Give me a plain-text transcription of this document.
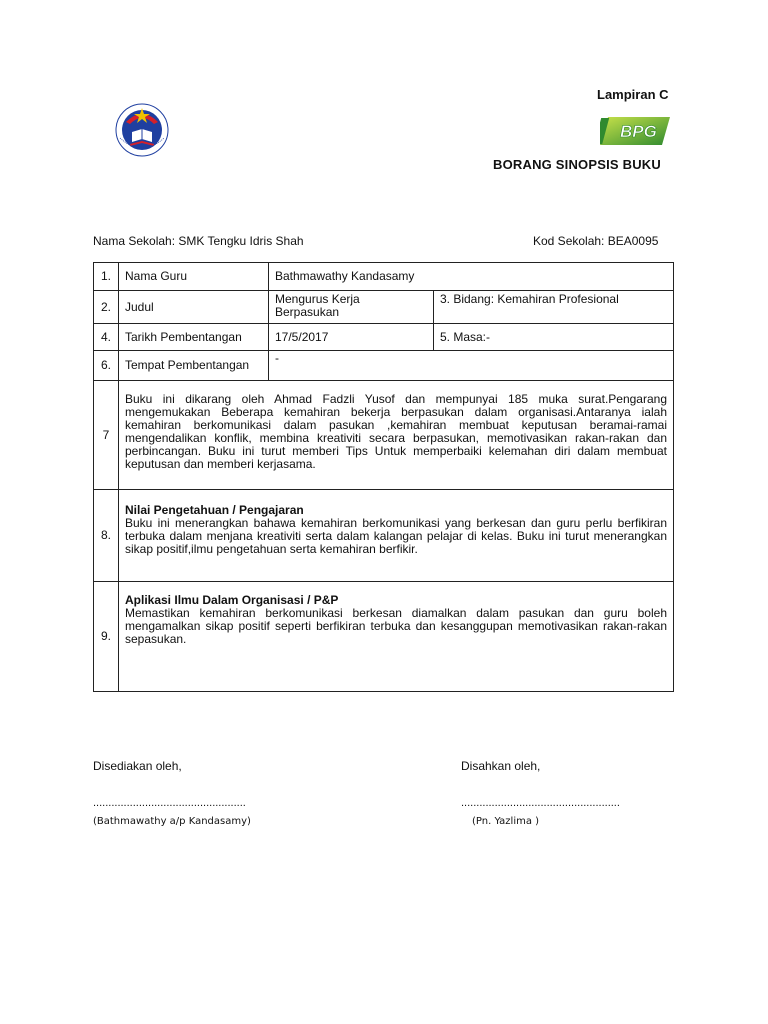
Lampiran C
BPG
BORANG SINOPSIS BUKU
Nama Sekolah: SMK Tengku Idris Shah	Kod Sekolah: BEA0095
1.	Nama Guru	Bathmawathy Kandasamy	
2.	Judul	Mengurus Kerja Berpasukan	3. Bidang: Kemahiran Profesional
4.	Tarikh Pembentangan	17/5/2017	5. Masa:-
6.	Tempat Pembentangan	-	
7	Buku ini dikarang oleh Ahmad Fadzli Yusof dan mempunyai 185 muka surat.Pengarang mengemukakan Beberapa kemahiran bekerja berpasukan dalam organisasi.Antaranya ialah kemahiran berkomunikasi dalam pasukan ,kemahiran membuat keputusan beramai-ramai mengendalikan konflik, membina kreativiti secara berpasukan, memotivasikan rakan-rakan dan perbincangan. Buku ini turut memberi Tips Untuk memperbaiki kelemahan diri dalam membuat keputusan dan memberi kerjasama.		
8.	Nilai Pengetahuan / Pengajaran
Buku ini menerangkan bahawa kemahiran berkomunikasi yang berkesan dan guru perlu berfikiran terbuka dalam menjana kreativiti serta dalam kalangan pelajar di kelas. Buku ini turut menerangkan sikap positif,ilmu pengetahuan serta kemahiran berfikir.		
9.	Aplikasi Ilmu Dalam Organisasi / P&P
Memastikan kemahiran berkomunikasi berkesan diamalkan dalam pasukan dan guru boleh mengamalkan sikap positif seperti berfikiran terbuka dan kesanggupan memotivasikan rakan-rakan sepasukan.		
Disediakan oleh,	Disahkan oleh,
..................................................	....................................................
(Bathmawathy a/p Kandasamy)	(Pn. Yazlima )
